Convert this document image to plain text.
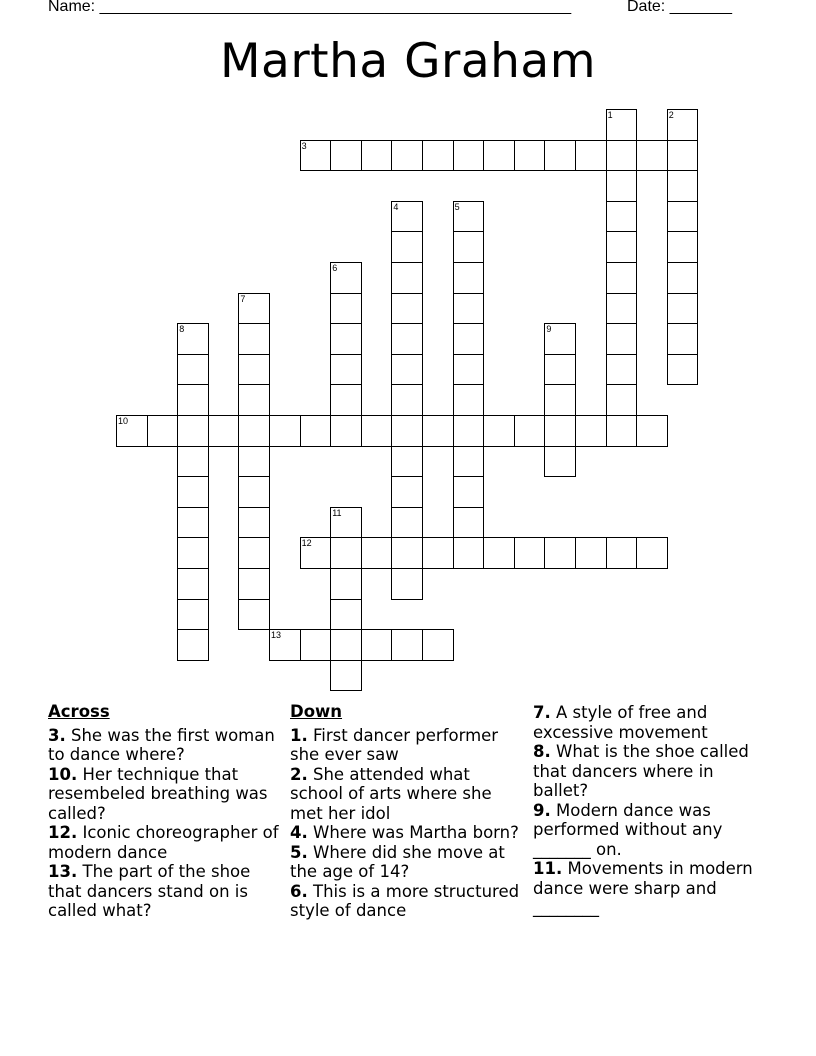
Name: _____________________________________________________	Date: _______
Martha Graham
1	2
3
4	5
6
7
8	9
10
11
12
13
Across

3. She was the first woman to dance where?

10. Her technique that resembeled breathing was called?

12. Iconic choreographer of modern dance

13. The part of the shoe that dancers stand on is called what?

Down

1. First dancer performer she ever saw

2. She attended what school of arts where she met her idol

4. Where was Martha born?

5. Where did she move at the age of 14?

6. This is a more structured style of dance

7. A style of free and excessive movement

8. What is the shoe called that dancers where in ballet?

9. Modern dance was performed without any _______ on.

11. Movements in modern dance were sharp and ________
